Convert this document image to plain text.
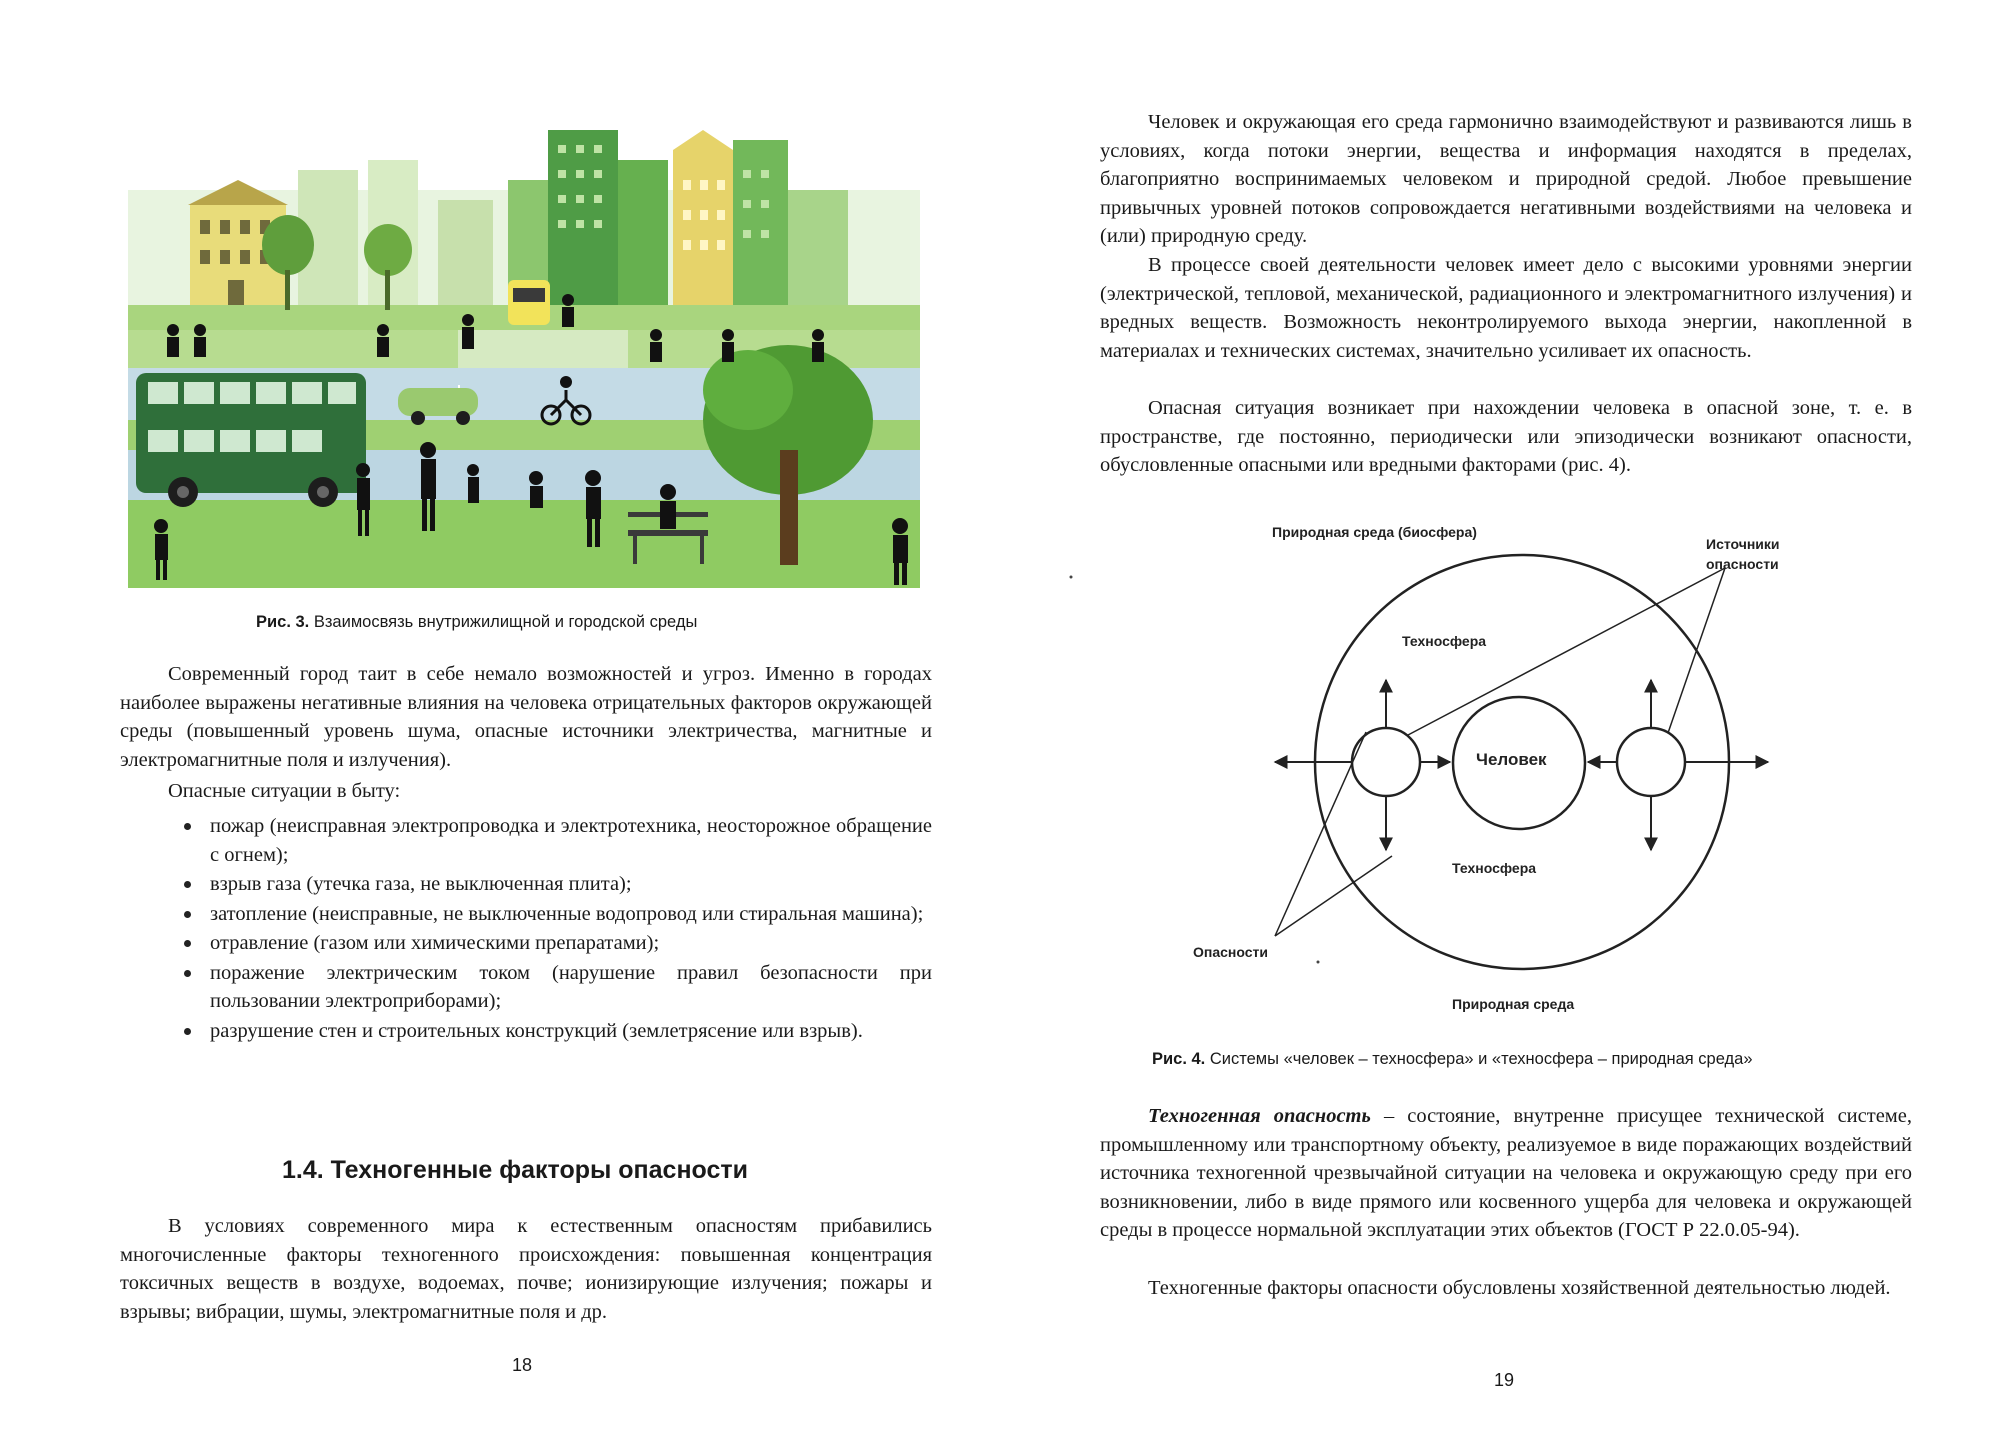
Рис. 3. Взаимосвязь внутрижилищной и городской среды

Современный город таит в себе немало возможностей и угроз. Именно в городах наиболее выражены негативные влияния на человека отрицательных факторов окружающей среды (повышенный уровень шума, опасные источники электричества, магнитные и электромагнитные поля и излучения).

Опасные ситуации в быту:

пожар (неисправная электропроводка и электротехника, неосторожное обращение с огнем);
взрыв газа (утечка газа, не выключенная плита);
затопление (неисправные, не выключенные водопровод или стиральная машина);
отравление (газом или химическими препаратами);
поражение электрическим током (нарушение правил безопасности при пользовании электроприборами);
разрушение стен и строительных конструкций (землетрясение или взрыв).
1.4. Техногенные факторы опасности

В условиях современного мира к естественным опасностям прибавились многочисленные факторы техногенного происхождения: повышенная концентрация токсичных веществ в воздухе, водоемах, почве; ионизирующие излучения; пожары и взрывы; вибрации, шумы, электромагнитные поля и др.

18

Человек и окружающая его среда гармонично взаимодействуют и развиваются лишь в условиях, когда потоки энергии, вещества и информация находятся в пределах, благоприятно воспринимаемых человеком и природной средой. Любое превышение привычных уровней потоков сопровождается негативными воздействиями на человека и (или) природную среду.

В процессе своей деятельности человек имеет дело с высокими уровнями энергии (электрической, тепловой, механической, радиационного и электромагнитного излучения) и вредных веществ. Возможность неконтролируемого выхода энергии, накопленной в материалах и технических системах, значительно усиливает их опасность.

Опасная ситуация возникает при нахождении человека в опасной зоне, т. е. в пространстве, где постоянно, периодически или эпизодически возникают опасности, обусловленные опасными или вредными факторами (рис. 4).

Природная среда (биосфера)
Источники опасности
Техносфера
Человек
Техносфера
Опасности
Природная среда
Рис. 4. Системы «человек – техносфера» и «техносфера – природная среда»

Техногенная опасность – состояние, внутренне присущее технической системе, промышленному или транспортному объекту, реализуемое в виде поражающих воздействий источника техногенной чрезвычайной ситуации на человека и окружающую среду при его возникновении, либо в виде прямого или косвенного ущерба для человека и окружающей среды в процессе нормальной эксплуатации этих объектов (ГОСТ Р 22.0.05-94).

Техногенные факторы опасности обусловлены хозяйственной деятельностью людей.

19
